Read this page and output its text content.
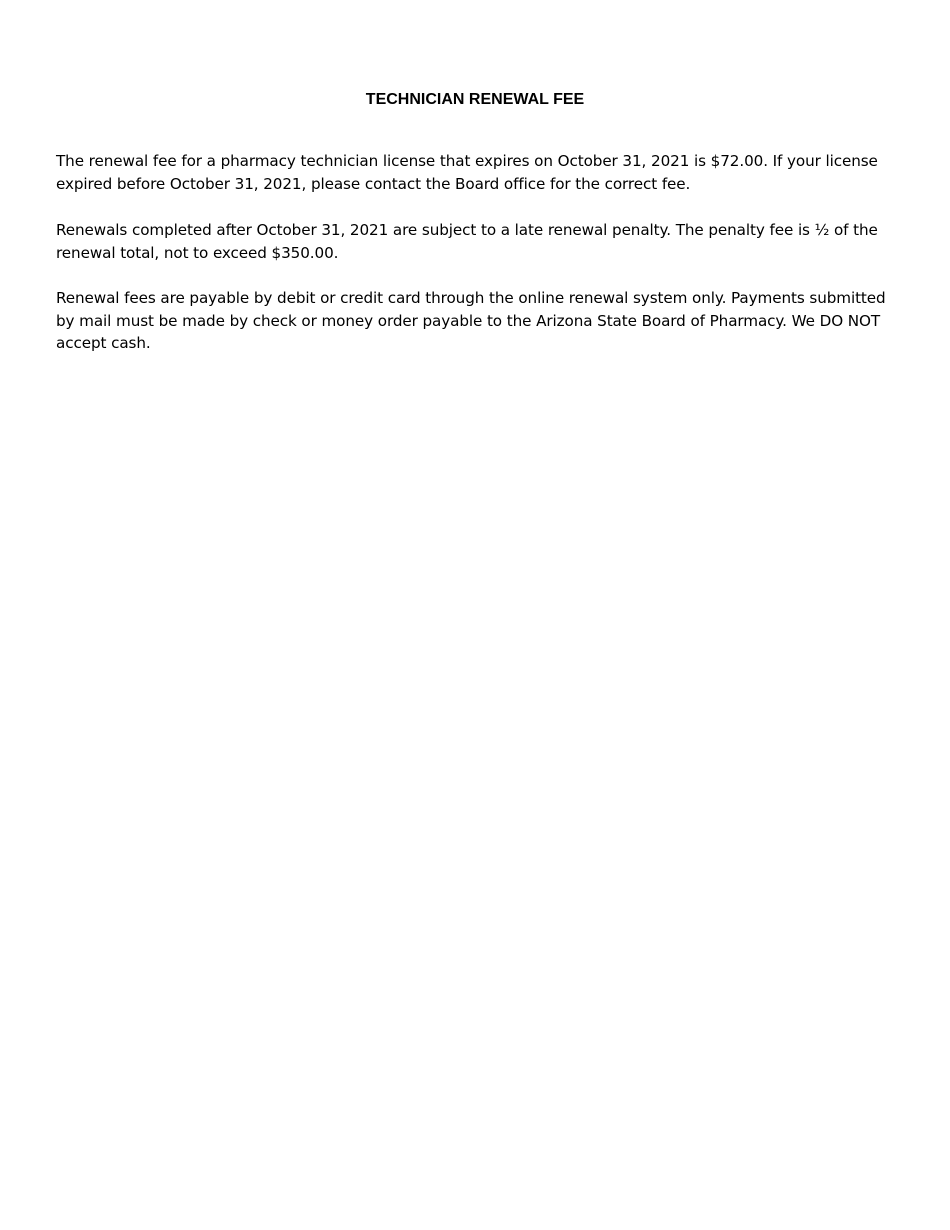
TECHNICIAN RENEWAL FEE

The renewal fee for a pharmacy technician license that expires on October 31, 2021 is $72.00. If your license expired before October 31, 2021, please contact the Board office for the correct fee.

Renewals completed after October 31, 2021 are subject to a late renewal penalty. The penalty fee is ½ of the renewal total, not to exceed $350.00.

Renewal fees are payable by debit or credit card through the online renewal system only. Payments submitted by mail must be made by check or money order payable to the Arizona State Board of Pharmacy. We DO NOT accept cash.
